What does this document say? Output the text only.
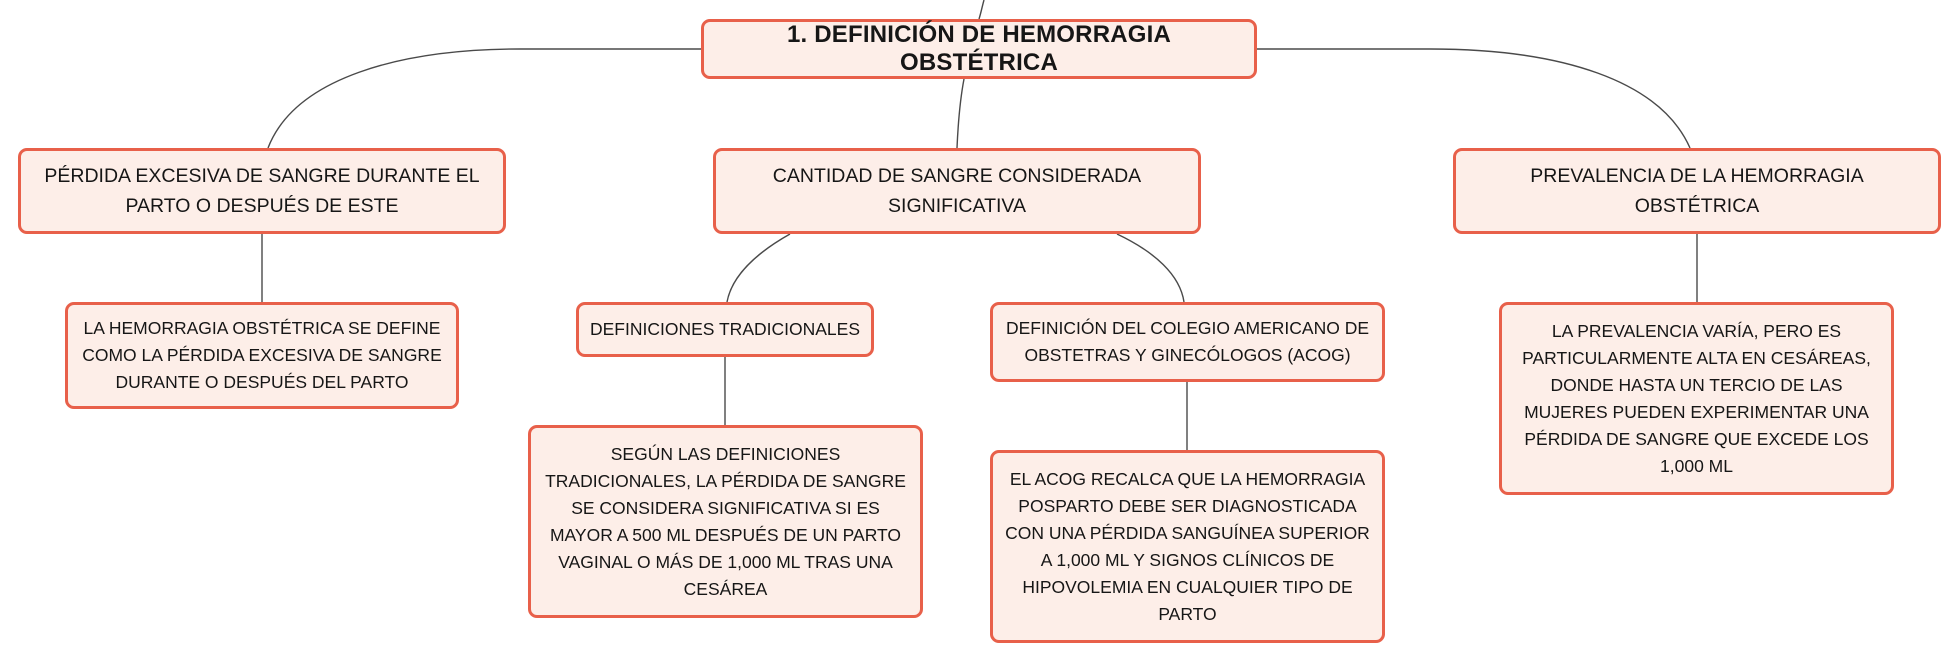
1. DEFINICIÓN DE HEMORRAGIA OBSTÉTRICA
PÉRDIDA EXCESIVA DE SANGRE DURANTE EL PARTO O DESPUÉS DE ESTE
CANTIDAD DE SANGRE CONSIDERADA SIGNIFICATIVA
PREVALENCIA DE LA HEMORRAGIA OBSTÉTRICA
LA HEMORRAGIA OBSTÉTRICA SE DEFINE COMO LA PÉRDIDA EXCESIVA DE SANGRE DURANTE O DESPUÉS DEL PARTO
DEFINICIONES TRADICIONALES	DEFINICIÓN DEL COLEGIO AMERICANO DE OBSTETRAS Y GINECÓLOGOS (ACOG)
SEGÚN LAS DEFINICIONES TRADICIONALES, LA PÉRDIDA DE SANGRE SE CONSIDERA SIGNIFICATIVA SI ES MAYOR A 500 ML DESPUÉS DE UN PARTO VAGINAL O MÁS DE 1,000 ML TRAS UNA CESÁREA
EL ACOG RECALCA QUE LA HEMORRAGIA POSPARTO DEBE SER DIAGNOSTICADA CON UNA PÉRDIDA SANGUÍNEA SUPERIOR A 1,000 ML Y SIGNOS CLÍNICOS DE HIPOVOLEMIA EN CUALQUIER TIPO DE PARTO
LA PREVALENCIA VARÍA, PERO ES PARTICULARMENTE ALTA EN CESÁREAS, DONDE HASTA UN TERCIO DE LAS MUJERES PUEDEN EXPERIMENTAR UNA PÉRDIDA DE SANGRE QUE EXCEDE LOS 1,000 ML
